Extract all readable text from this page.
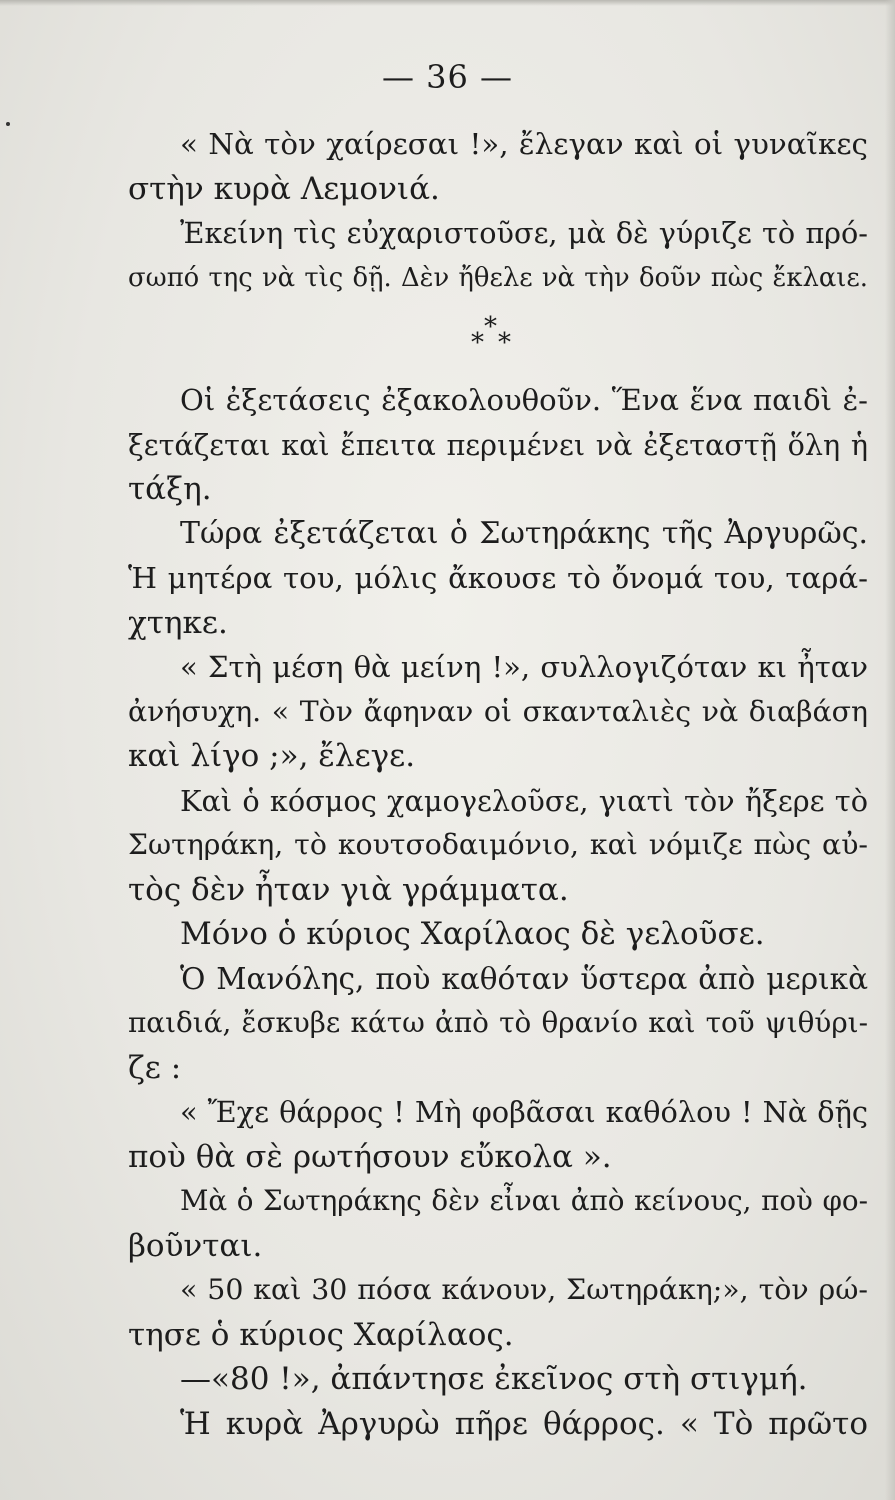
— 36 —
« Νὰ τὸν χαίρεσαι !», ἔλεγαν καὶ οἱ γυναῖκες
στὴν κυρὰ Λεμονιά.
Ἐκείνη τὶς εὐχαριστοῦσε, μὰ δὲ γύριζε τὸ πρό-
σωπό της νὰ τὶς δῇ. Δὲν ἤθελε νὰ τὴν δοῦν πὼς ἔκλαιε.
*
* *
Οἱ ἐξετάσεις ἐξακολουθοῦν. Ἕνα ἕνα παιδὶ ἐ-
ξετάζεται καὶ ἔπειτα περιμένει νὰ ἐξεταστῇ ὅλη ἡ
τάξη.
Τώρα ἐξετάζεται ὁ Σωτηράκης τῆς Ἀργυρῶς.
Ἡ μητέρα του, μόλις ἄκουσε τὸ ὄνομά του, ταρά-
χτηκε.
« Στὴ μέση θὰ μείνη !», συλλογιζόταν κι ἦταν
ἀνήσυχη. « Τὸν ἄφηναν οἱ σκανταλιὲς νὰ διαβάση
καὶ λίγο ;», ἔλεγε.
Καὶ ὁ κόσμος χαμογελοῦσε, γιατὶ τὸν ἤξερε τὸ
Σωτηράκη, τὸ κουτσοδαιμόνιο, καὶ νόμιζε πὼς αὐ-
τὸς δὲν ἦταν γιὰ γράμματα.
Μόνο ὁ κύριος Χαρίλαος δὲ γελοῦσε.
Ὁ Μανόλης, ποὺ καθόταν ὕστερα ἀπὸ μερικὰ
παιδιά, ἔσκυβε κάτω ἀπὸ τὸ θρανίο καὶ τοῦ ψιθύρι-
ζε :
« Ἔχε θάρρος ! Μὴ φοβᾶσαι καθόλου ! Νὰ δῇς
ποὺ θὰ σὲ ρωτήσουν εὔκολα ».
Μὰ ὁ Σωτηράκης δὲν εἶναι ἀπὸ κείνους, ποὺ φο-
βοῦνται.
« 50 καὶ 30 πόσα κάνουν, Σωτηράκη;», τὸν ρώ-
τησε ὁ κύριος Χαρίλαος.
—«80 !», ἀπάντησε ἐκεῖνος στὴ στιγμή.
Ἡ κυρὰ Ἀργυρὼ πῆρε θάρρος. « Τὸ πρῶτο
